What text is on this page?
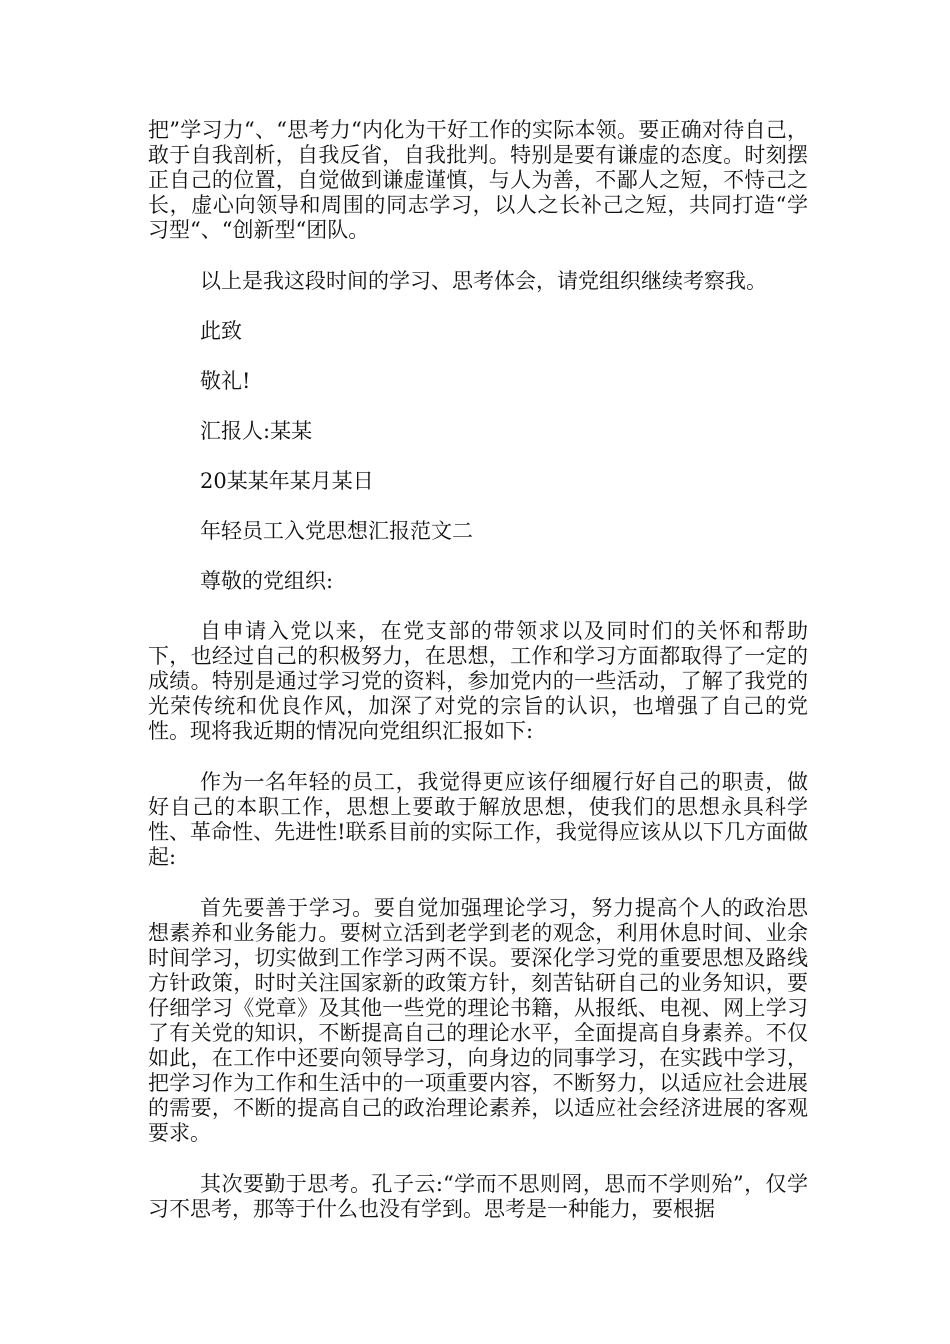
把”学习力“、“思考力“内化为干好工作的实际本领。要正确对待自己，敢于自我剖析，自我反省，自我批判。特别是要有谦虚的态度。时刻摆正自己的位置，自觉做到谦虚谨慎，与人为善，不鄙人之短，不恃己之长，虚心向领导和周围的同志学习，以人之长补己之短，共同打造“学习型“、“创新型“团队。

以上是我这段时间的学习、思考体会，请党组织继续考察我。

此致

敬礼!

汇报人:某某

20某某年某月某日

年轻员工入党思想汇报范文二

尊敬的党组织:

自申请入党以来，在党支部的带领求以及同时们的关怀和帮助下，也经过自己的积极努力，在思想，工作和学习方面都取得了一定的成绩。特别是通过学习党的资料，参加党内的一些活动，了解了我党的光荣传统和优良作风，加深了对党的宗旨的认识，也增强了自己的党性。现将我近期的情况向党组织汇报如下:

作为一名年轻的员工，我觉得更应该仔细履行好自己的职责，做好自己的本职工作，思想上要敢于解放思想，使我们的思想永具科学性、革命性、先进性!联系目前的实际工作，我觉得应该从以下几方面做起:

首先要善于学习。要自觉加强理论学习，努力提高个人的政治思想素养和业务能力。要树立活到老学到老的观念，利用休息时间、业余时间学习，切实做到工作学习两不误。要深化学习党的重要思想及路线方针政策，时时关注国家新的政策方针，刻苦钻研自己的业务知识，要仔细学习《党章》及其他一些党的理论书籍，从报纸、电视、网上学习了有关党的知识，不断提高自己的理论水平，全面提高自身素养。不仅如此，在工作中还要向领导学习，向身边的同事学习，在实践中学习，把学习作为工作和生活中的一项重要内容，不断努力，以适应社会进展的需要，不断的提高自己的政治理论素养，以适应社会经济进展的客观要求。

其次要勤于思考。孔子云:“学而不思则罔，思而不学则殆”，仅学习不思考，那等于什么也没有学到。思考是一种能力，要根据
